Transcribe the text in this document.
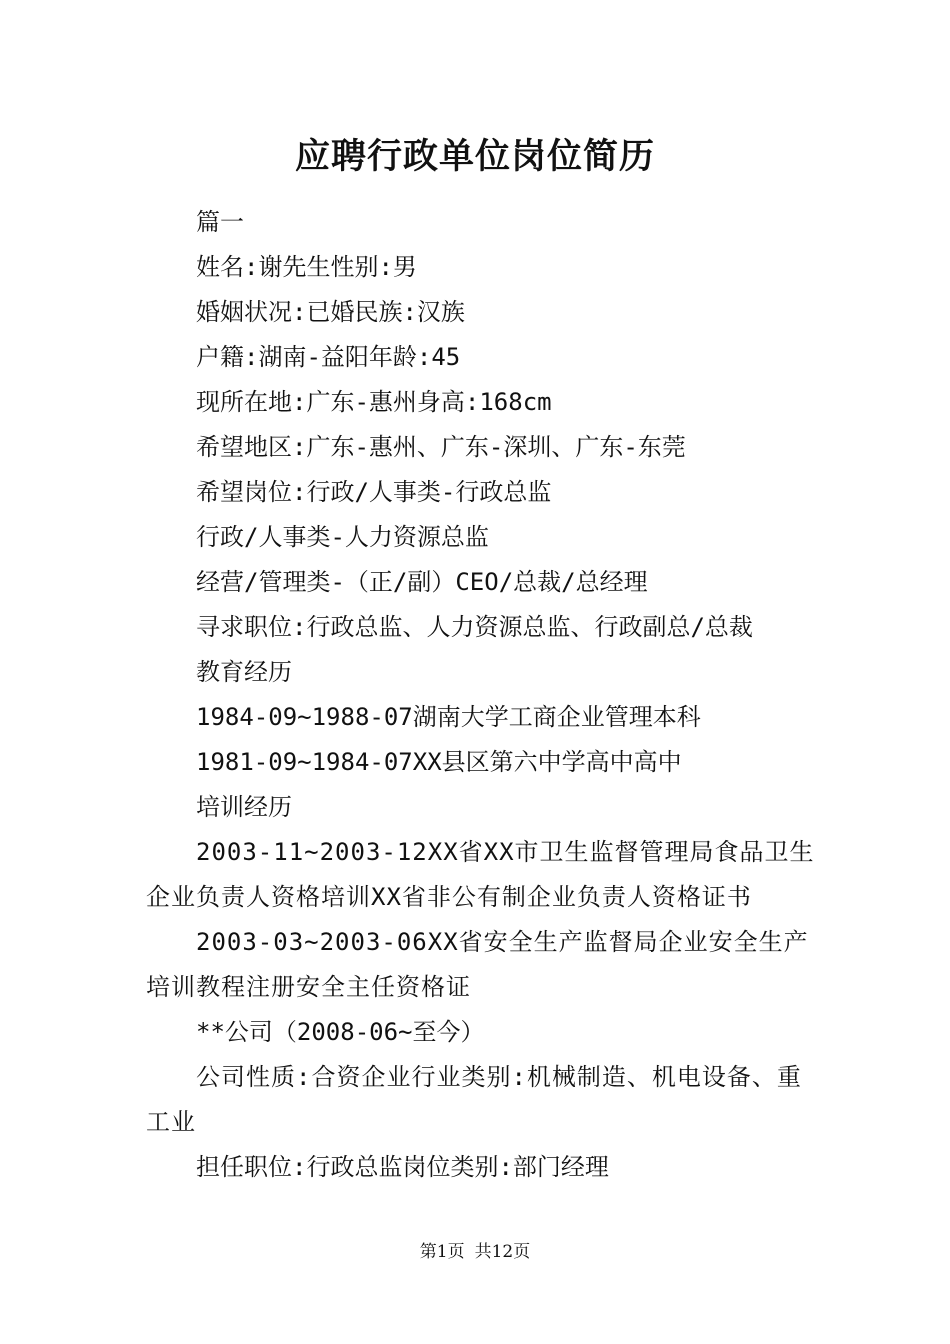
应聘行政单位岗位简历

篇一

姓名:谢先生性别:男

婚姻状况:已婚民族:汉族

户籍:湖南-益阳年龄:45

现所在地:广东-惠州身高:168cm

希望地区:广东-惠州、广东-深圳、广东-东莞

希望岗位:行政/人事类-行政总监

行政/人事类-人力资源总监

经营/管理类-（正/副）CEO/总裁/总经理

寻求职位:行政总监、人力资源总监、行政副总/总裁

教育经历

1984-09~1988-07湖南大学工商企业管理本科

1981-09~1984-07XX县区第六中学高中高中

培训经历

2003-11~2003-12XX省XX市卫生监督管理局食品卫生企业负责人资格培训XX省非公有制企业负责人资格证书

2003-03~2003-06XX省安全生产监督局企业安全生产培训教程注册安全主任资格证

**公司（2008-06~至今）

公司性质:合资企业行业类别:机械制造、机电设备、重工业

担任职位:行政总监岗位类别:部门经理

第1页 共12页
